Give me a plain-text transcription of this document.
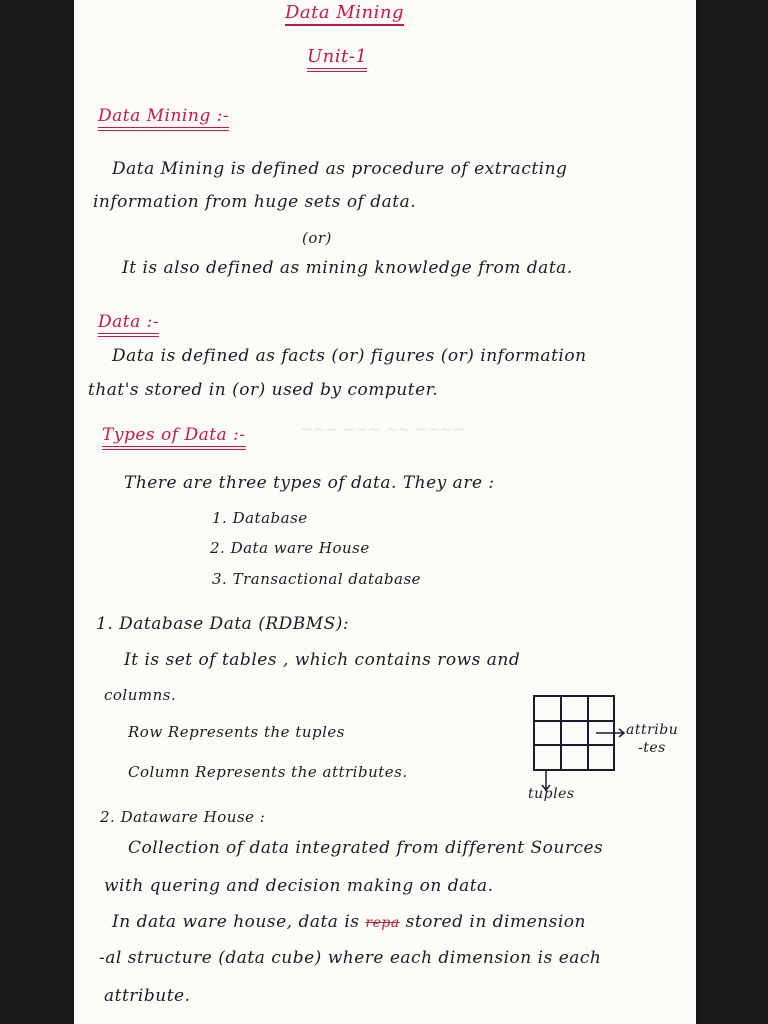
~~~ ~~~ ~~ ~~~~
Data Mining
Unit-1
Data Mining :-
Data Mining is defined as procedure of extracting
information from huge sets of data.
(or)
It is also defined as mining knowledge from data.
Data :-
Data is defined as facts (or) figures (or) information
that's stored in (or) used by computer.
Types of Data :-
There are three types of data. They are :
1. Database
2. Data ware House
3. Transactional database
1. Database Data (RDBMS):
It is set of tables , which contains rows and
columns.
Row Represents the tuples
Column Represents the attributes.
attribu
-tes
tuples
2. Dataware House :
Collection of data integrated from different Sources
with quering and decision making on data.
In data ware house, data is repa stored in dimension
-al structure (data cube) where each dimension is each
attribute.
